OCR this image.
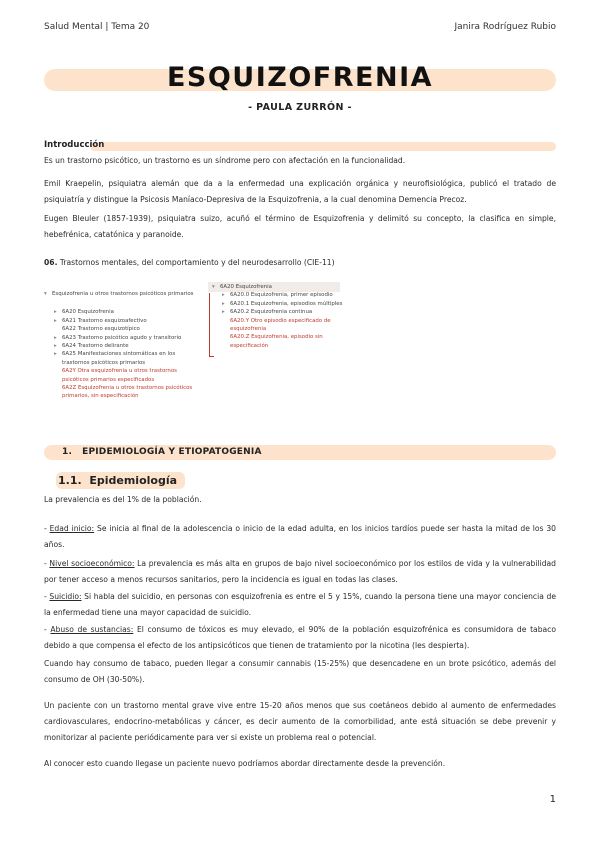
Salud Mental | Tema 20	Janira Rodríguez Rubio
ESQUIZOFRENIA
- PAULA ZURRÓN -
Introducción

Es un trastorno psicótico, un trastorno es un síndrome pero con afectación en la funcionalidad.

Emil Kraepelin, psiquiatra alemán que da a la enfermedad una explicación orgánica y neurofisiológica, publicó el tratado de psiquiatría y distingue la Psicosis Maníaco-Depresiva de la Esquizofrenia, a la cual denomina Demencia Precoz.

Eugen Bleuler (1857-1939), psiquiatra suizo, acuñó el término de Esquizofrenia y delimitó su concepto, la clasifica en simple, hebefrénica, catatónica y paranoide.

06. Trastornos mentales, del comportamiento y del neurodesarrollo (CIE-11)

▾ Esquizofrenia u otros trastornos psicóticos primarios
▸ 6A20 Esquizofrenia
▸ 6A21 Trastorno esquizoafectivo
6A22 Trastorno esquizotípico
▸ 6A23 Trastorno psicótico agudo y transitorio
▸ 6A24 Trastorno delirante
▸ 6A25 Manifestaciones sintomáticas en los
trastornos psicóticos primarios
6A2Y Otra esquizofrenia u otros trastornos
psicóticos primarios especificados
6A2Z Esquizofrenia u otros trastornos psicóticos
primarios, sin especificación
▾ 6A20 Esquizofrenia
▸ 6A20.0 Esquizofrenia, primer episodio
▸ 6A20.1 Esquizofrenia, episodios múltiples
▸ 6A20.2 Esquizofrenia continua
6A20.Y Otro episodio especificado de
esquizofrenia
6A20.Z Esquizofrenia, episodio sin
especificación
1. EPIDEMIOLOGÍA Y ETIOPATOGENIA
1.1. Epidemiología

La prevalencia es del 1% de la población.

- Edad inicio: Se inicia al final de la adolescencia o inicio de la edad adulta, en los inicios tardíos puede ser hasta la mitad de los 30 años.

- Nivel socioeconómico: La prevalencia es más alta en grupos de bajo nivel socioeconómico por los estilos de vida y la vulnerabilidad por tener acceso a menos recursos sanitarios, pero la incidencia es igual en todas las clases.

- Suicidio: Si habla del suicidio, en personas con esquizofrenia es entre el 5 y 15%, cuando la persona tiene una mayor conciencia de la enfermedad tiene una mayor capacidad de suicidio.

- Abuso de sustancias: El consumo de tóxicos es muy elevado, el 90% de la población esquizofrénica es consumidora de tabaco debido a que compensa el efecto de los antipsicóticos que tienen de tratamiento por la nicotina (les despierta).

Cuando hay consumo de tabaco, pueden llegar a consumir cannabis (15-25%) que desencadene en un brote psicótico, además del consumo de OH (30-50%).

Un paciente con un trastorno mental grave vive entre 15-20 años menos que sus coetáneos debido al aumento de enfermedades cardiovasculares, endocrino-metabólicas y cáncer, es decir aumento de la comorbilidad, ante está situación se debe prevenir y monitorizar al paciente periódicamente para ver si existe un problema real o potencial.

Al conocer esto cuando llegase un paciente nuevo podríamos abordar directamente desde la prevención.

1
